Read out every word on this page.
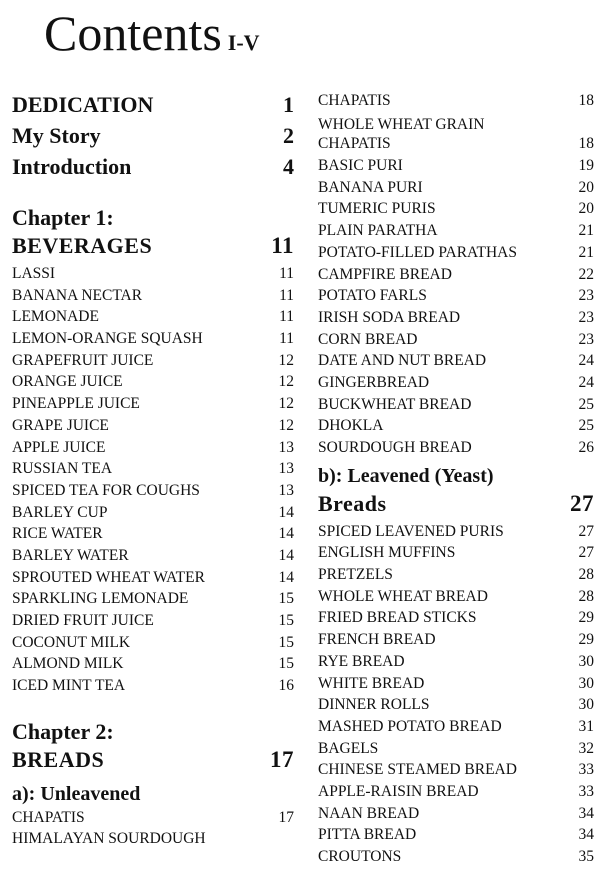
Contents I-V
DEDICATION	1
My Story	2
Introduction	4
Chapter 1:
BEVERAGES	11
LASSI	11
BANANA NECTAR	11
LEMONADE	11
LEMON-ORANGE SQUASH	11
GRAPEFRUIT JUICE	12
ORANGE JUICE	12
PINEAPPLE JUICE	12
GRAPE JUICE	12
APPLE JUICE	13
RUSSIAN TEA	13
SPICED TEA FOR COUGHS	13
BARLEY CUP	14
RICE WATER	14
BARLEY WATER	14
SPROUTED WHEAT WATER	14
SPARKLING LEMONADE	15
DRIED FRUIT JUICE	15
COCONUT MILK	15
ALMOND MILK	15
ICED MINT TEA	16
Chapter 2:
BREADS	17
a): Unleavened
CHAPATIS	17
HIMALAYAN SOURDOUGH
CHAPATIS	18
WHOLE WHEAT GRAIN
CHAPATIS	18
BASIC PURI	19
BANANA PURI	20
TUMERIC PURIS	20
PLAIN PARATHA	21
POTATO-FILLED PARATHAS	21
CAMPFIRE BREAD	22
POTATO FARLS	23
IRISH SODA BREAD	23
CORN BREAD	23
DATE AND NUT BREAD	24
GINGERBREAD	24
BUCKWHEAT BREAD	25
DHOKLA	25
SOURDOUGH BREAD	26
b): Leavened (Yeast)
Breads	27
SPICED LEAVENED PURIS	27
ENGLISH MUFFINS	27
PRETZELS	28
WHOLE WHEAT BREAD	28
FRIED BREAD STICKS	29
FRENCH BREAD	29
RYE BREAD	30
WHITE BREAD	30
DINNER ROLLS	30
MASHED POTATO BREAD	31
BAGELS	32
CHINESE STEAMED BREAD	33
APPLE-RAISIN BREAD	33
NAAN BREAD	34
PITTA BREAD	34
CROUTONS	35
